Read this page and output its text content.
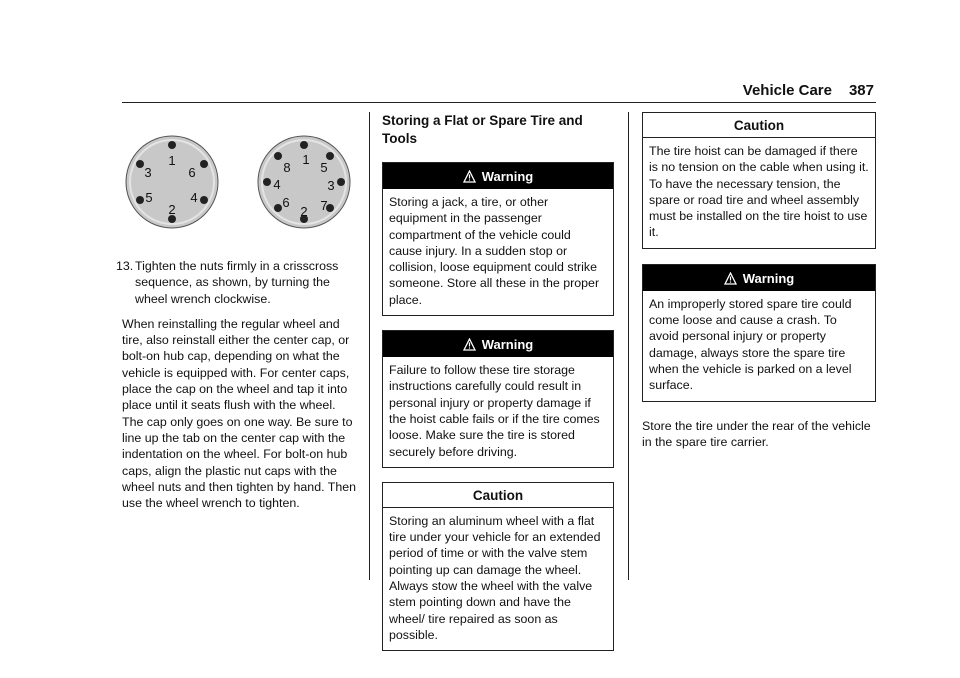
Vehicle Care 387
1
6
4
2
5
3
1
5
3
7
2
6
4
8
13. Tighten the nuts firmly in a crisscross sequence, as shown, by turning the wheel wrench clockwise.

When reinstalling the regular wheel and tire, also reinstall either the center cap, or bolt-on hub cap, depending on what the vehicle is equipped with. For center caps, place the cap on the wheel and tap it into place until it seats flush with the wheel. The cap only goes on one way. Be sure to line up the tab on the center cap with the indentation on the wheel. For bolt-on hub caps, align the plastic nut caps with the wheel nuts and then tighten by hand. Then use the wheel wrench to tighten.

Storing a Flat or Spare Tire and Tools
Warning
Storing a jack, a tire, or other equipment in the passenger compartment of the vehicle could cause injury. In a sudden stop or collision, loose equipment could strike someone. Store all these in the proper place.
Warning
Failure to follow these tire storage instructions carefully could result in personal injury or property damage if the hoist cable fails or if the tire comes loose. Make sure the tire is stored securely before driving.
Caution
Storing an aluminum wheel with a flat tire under your vehicle for an extended period of time or with the valve stem pointing up can damage the wheel. Always stow the wheel with the valve stem pointing down and have the wheel/ tire repaired as soon as possible.
Caution
The tire hoist can be damaged if there is no tension on the cable when using it. To have the necessary tension, the spare or road tire and wheel assembly must be installed on the tire hoist to use it.
Warning
An improperly stored spare tire could come loose and cause a crash. To avoid personal injury or property damage, always store the spare tire when the vehicle is parked on a level surface.

Store the tire under the rear of the vehicle in the spare tire carrier.
